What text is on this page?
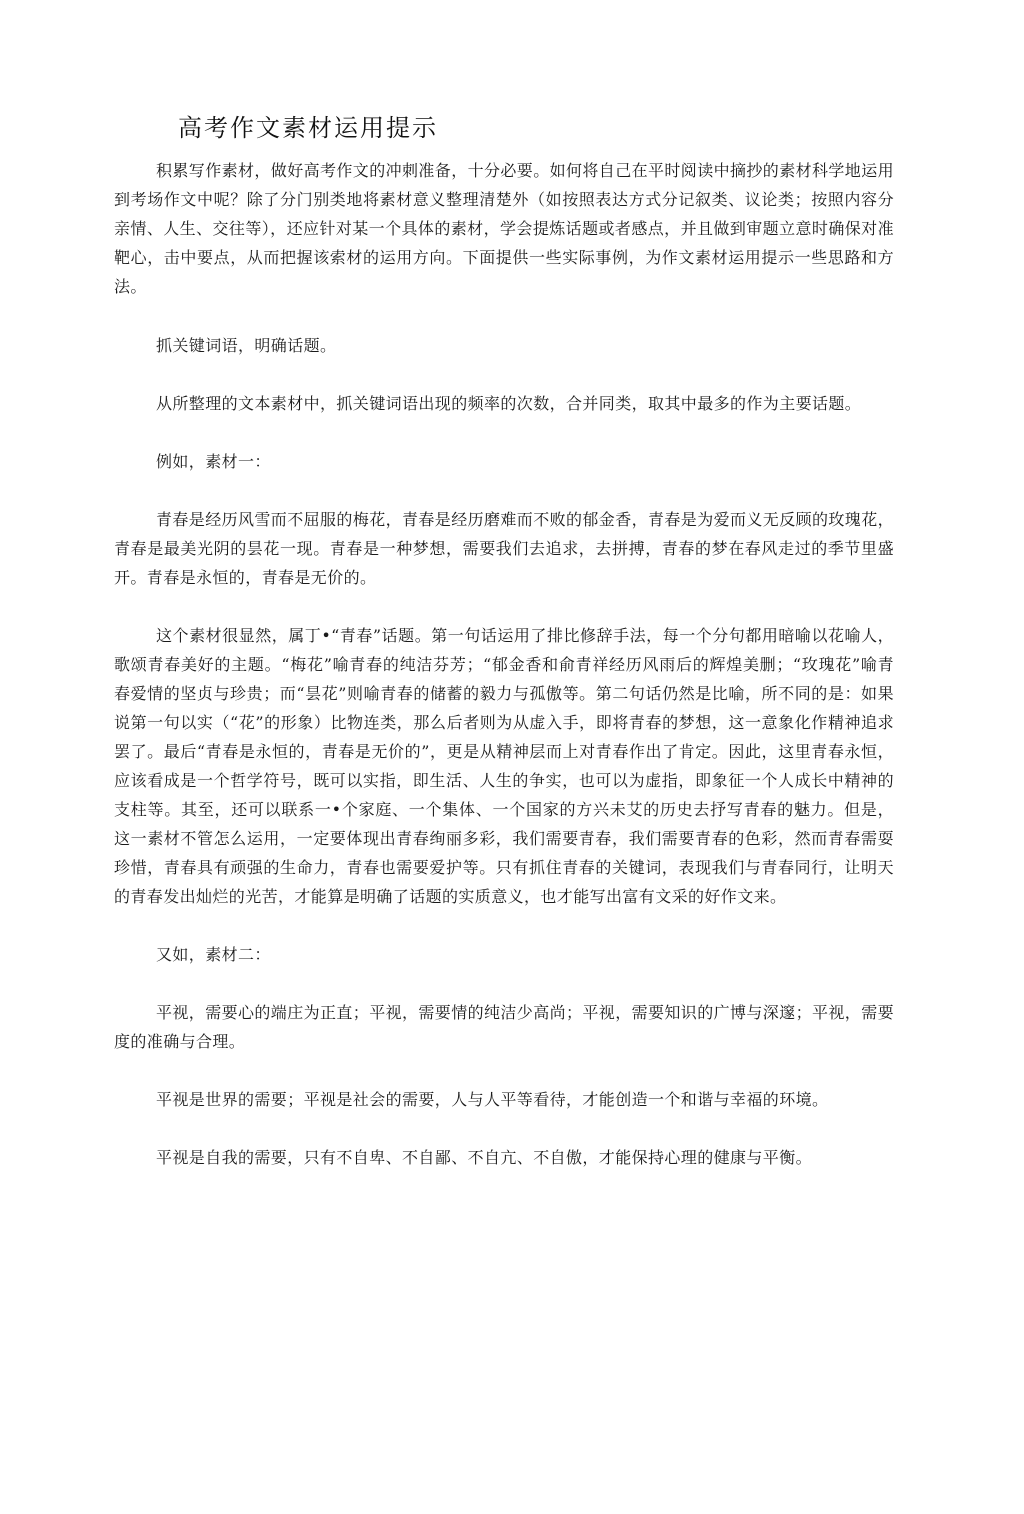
高考作文素材运用提示

积累写作素材，做好高考作文的冲刺准备，十分必要。如何将自己在平时阅读中摘抄的素材科学地运用到考场作文中呢？除了分门别类地将素材意义整理清楚外（如按照表达方式分记叙类、议论类；按照内容分亲情、人生、交往等），还应针对某一个具体的素材，学会提炼话题或者感点，并且做到审题立意时确保对准靶心，击中要点，从而把握该索材的运用方向。下面提供一些实际事例，为作文素材运用提示一些思路和方法。

抓关键词语，明确话题。

从所整理的文本素材中，抓关键词语出现的频率的次数，合并同类，取其中最多的作为主要话题。

例如，素材一：

青春是经历风雪而不屈服的梅花，青春是经历磨难而不败的郁金香，青春是为爱而义无反顾的玫瑰花，青春是最美光阴的昙花一现。青春是一种梦想，需要我们去追求，去拼搏，青春的梦在春风走过的季节里盛开。青春是永恒的，青春是无价的。

这个素材很显然，属丁•“青春”话题。第一句话运用了排比修辞手法，每一个分句都用暗喻以花喻人，歌颂青春美好的主题。“梅花”喻青春的纯洁芬芳；“郁金香和俞青祥经历风雨后的辉煌美删；“玫瑰花”喻青春爱情的坚贞与珍贵；而“昙花”则喻青春的储蓄的毅力与孤傲等。第二句话仍然是比喻，所不同的是：如果说第一句以实（“花”的形象）比物连类，那么后者则为从虚入手，即将青春的梦想，这一意象化作精神追求罢了。最后“青春是永恒的，青春是无价的”，更是从精神层而上对青春作出了肯定。因此，这里青春永恒，应该看成是一个哲学符号，既可以实指，即生活、人生的争实，也可以为虚指，即象征一个人成长中精神的支柱等。其至，还可以联系一•个家庭、一个集体、一个国家的方兴未艾的历史去抒写青春的魅力。但是，这一素材不管怎么运用，一定要体现出青春绚丽多彩，我们需要青春，我们需要青春的色彩，然而青春需耍珍惜，青春具有顽强的生命力，青春也需要爱护等。只有抓住青春的关键词，表现我们与青春同行，让明天的青春发出灿烂的光苦，才能算是明确了话题的实质意义，也才能写出富有文采的好作文来。

又如，素材二：

平视，需要心的端庄为正直；平视，需要情的纯洁少高尚；平视，需要知识的广博与深邃；平视，需要度的准确与合理。

平视是世界的需要；平视是社会的需要，人与人平等看待，才能创造一个和谐与幸福的环境。

平视是自我的需要，只有不自卑、不自鄙、不自亢、不自傲，才能保持心理的健康与平衡。
